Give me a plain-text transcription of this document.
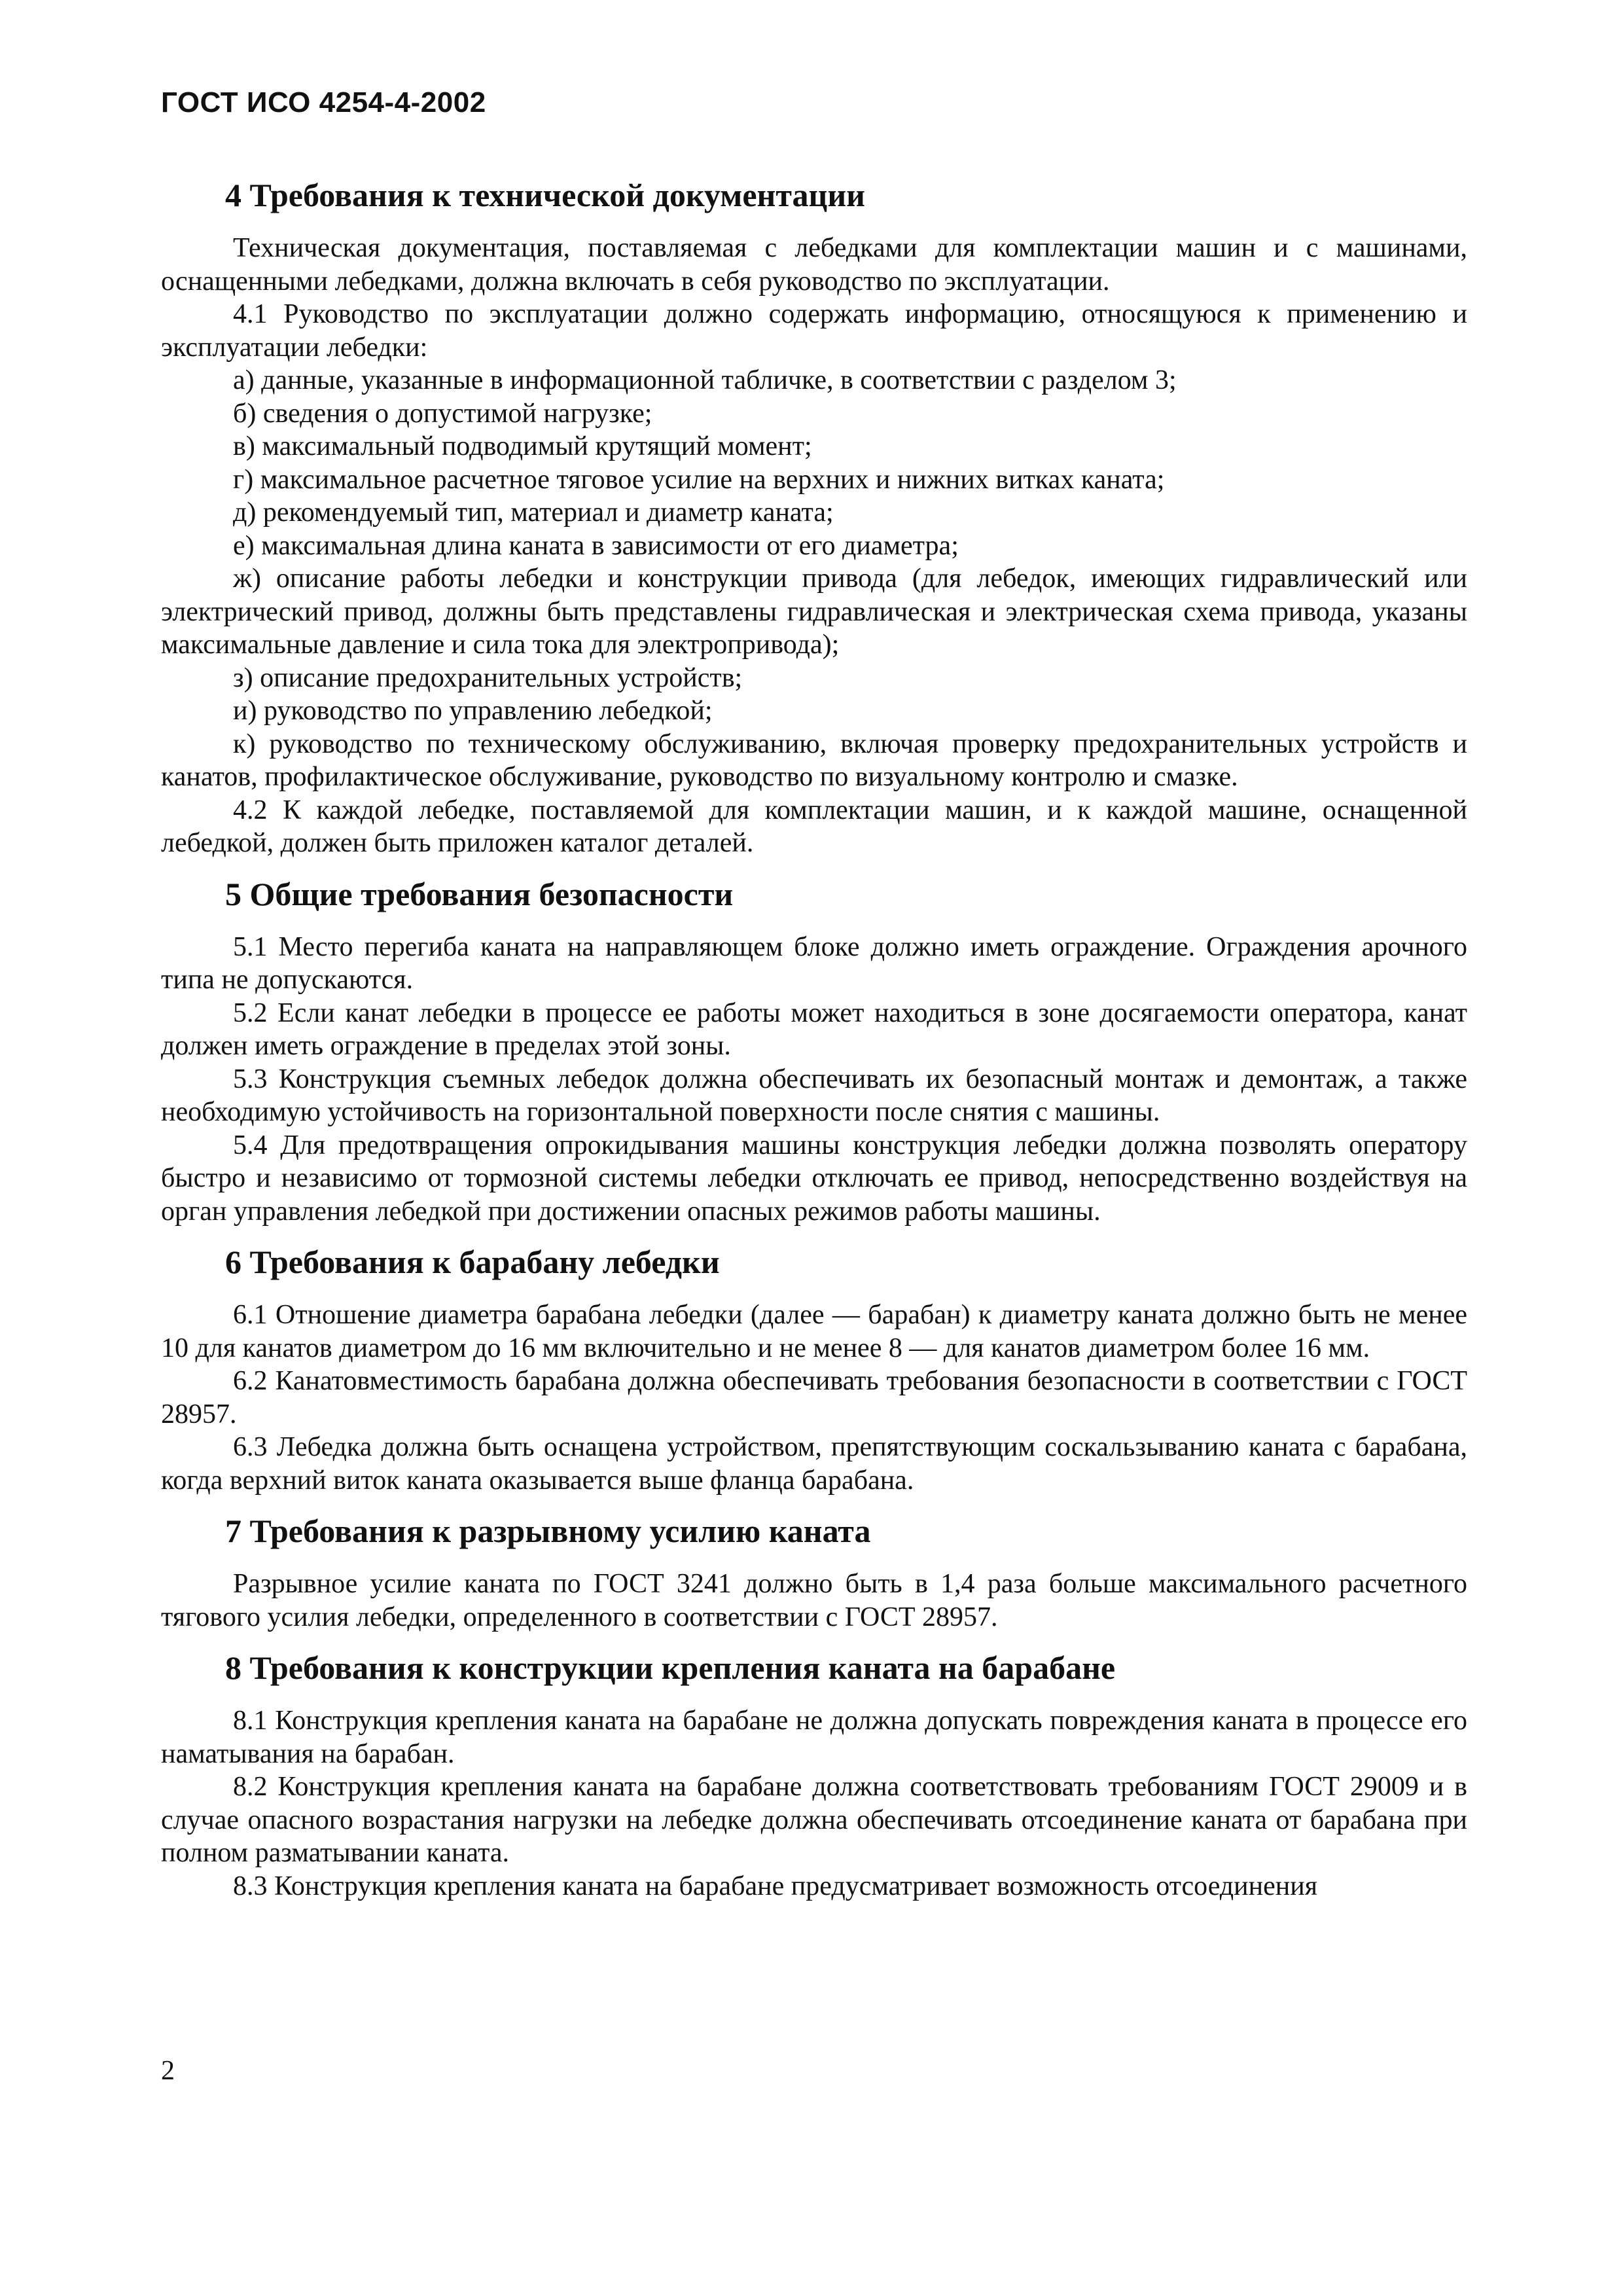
ГОСТ ИСО 4254-4-2002
4 Требования к технической документации

Техническая документация, поставляемая с лебедками для комплектации машин и с машинами, оснащенными лебедками, должна включать в себя руководство по эксплуатации.

4.1 Руководство по эксплуатации должно содержать информацию, относящуюся к применению и эксплуатации лебедки:

а) данные, указанные в информационной табличке, в соответствии с разделом 3;

б) сведения о допустимой нагрузке;

в) максимальный подводимый крутящий момент;

г) максимальное расчетное тяговое усилие на верхних и нижних витках каната;

д) рекомендуемый тип, материал и диаметр каната;

е) максимальная длина каната в зависимости от его диаметра;

ж) описание работы лебедки и конструкции привода (для лебедок, имеющих гидравлический или электрический привод, должны быть представлены гидравлическая и электрическая схема привода, указаны максимальные давление и сила тока для электропривода);

з) описание предохранительных устройств;

и) руководство по управлению лебедкой;

к) руководство по техническому обслуживанию, включая проверку предохранительных устройств и канатов, профилактическое обслуживание, руководство по визуальному контролю и смазке.

4.2 К каждой лебедке, поставляемой для комплектации машин, и к каждой машине, оснащенной лебедкой, должен быть приложен каталог деталей.

5 Общие требования безопасности

5.1 Место перегиба каната на направляющем блоке должно иметь ограждение. Ограждения арочного типа не допускаются.

5.2 Если канат лебедки в процессе ее работы может находиться в зоне досягаемости оператора, канат должен иметь ограждение в пределах этой зоны.

5.3 Конструкция съемных лебедок должна обеспечивать их безопасный монтаж и демонтаж, а также необходимую устойчивость на горизонтальной поверхности после снятия с машины.

5.4 Для предотвращения опрокидывания машины конструкция лебедки должна позволять оператору быстро и независимо от тормозной системы лебедки отключать ее привод, непосредственно воздействуя на орган управления лебедкой при достижении опасных режимов работы машины.

6 Требования к барабану лебедки

6.1 Отношение диаметра барабана лебедки (далее — барабан) к диаметру каната должно быть не менее 10 для канатов диаметром до 16 мм включительно и не менее 8 — для канатов диаметром более 16 мм.

6.2 Канатовместимость барабана должна обеспечивать требования безопасности в соответствии с ГОСТ 28957.

6.3 Лебедка должна быть оснащена устройством, препятствующим соскальзыванию каната с барабана, когда верхний виток каната оказывается выше фланца барабана.

7 Требования к разрывному усилию каната

Разрывное усилие каната по ГОСТ 3241 должно быть в 1,4 раза больше максимального расчетного тягового усилия лебедки, определенного в соответствии с ГОСТ 28957.

8 Требования к конструкции крепления каната на барабане

8.1 Конструкция крепления каната на барабане не должна допускать повреждения каната в процессе его наматывания на барабан.

8.2 Конструкция крепления каната на барабане должна соответствовать требованиям ГОСТ 29009 и в случае опасного возрастания нагрузки на лебедке должна обеспечивать отсоединение каната от барабана при полном разматывании каната.

8.3 Конструкция крепления каната на барабане предусматривает возможность отсоединения

2
